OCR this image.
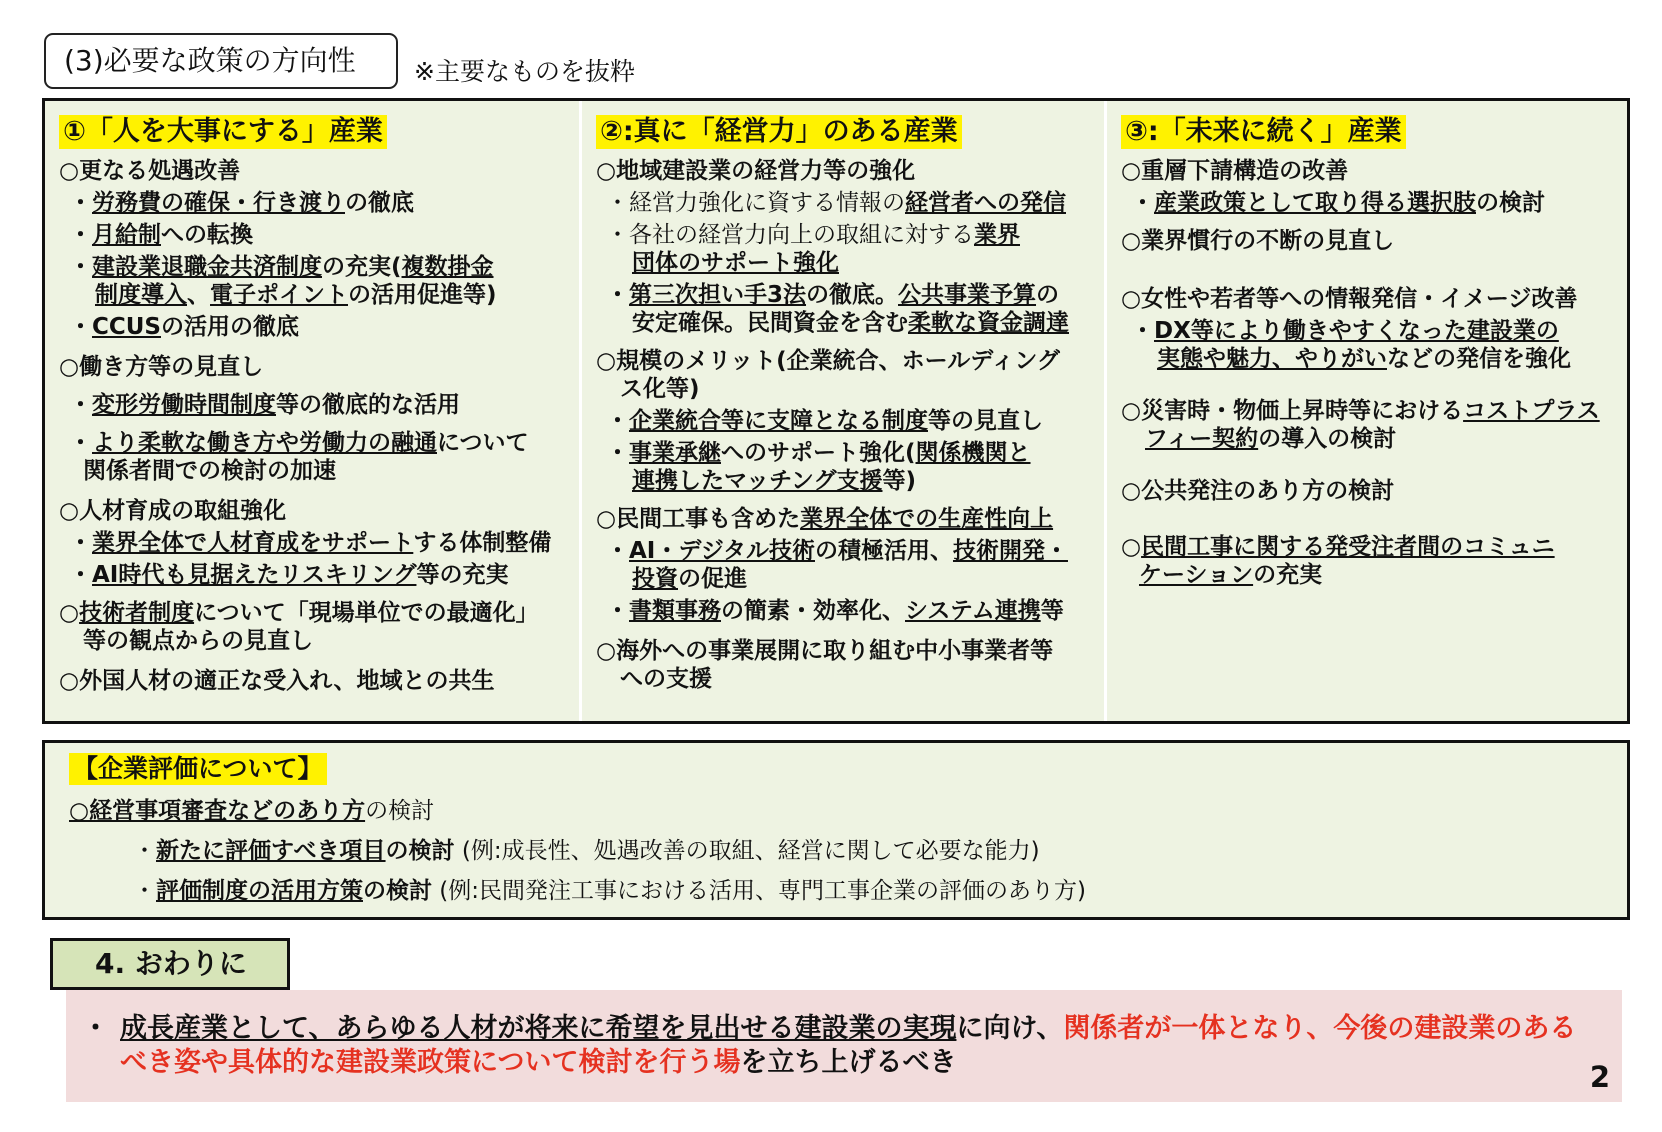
(3)必要な政策の方向性	※主要なものを抜粋
①「人を大事にする」産業
○更なる処遇改善
・労務費の確保・行き渡りの徹底
・月給制への転換
・建設業退職金共済制度の充実(複数掛金
制度導入、電子ポイントの活用促進等)
・CCUSの活用の徹底
○働き方等の見直し
・変形労働時間制度等の徹底的な活用
・より柔軟な働き方や労働力の融通について
関係者間での検討の加速
○人材育成の取組強化
・業界全体で人材育成をサポートする体制整備
・AI時代も見据えたリスキリング等の充実
○技術者制度について「現場単位での最適化」
等の観点からの見直し
○外国人材の適正な受入れ、地域との共生
②:真に「経営力」のある産業
○地域建設業の経営力等の強化
・経営力強化に資する情報の経営者への発信
・各社の経営力向上の取組に対する業界
団体のサポート強化
・第三次担い手3法の徹底。公共事業予算の
安定確保。民間資金を含む柔軟な資金調達
○規模のメリット(企業統合、ホールディング
ス化等)
・企業統合等に支障となる制度等の見直し
・事業承継へのサポート強化(関係機関と
連携したマッチング支援等)
○民間工事も含めた業界全体での生産性向上
・AI・デジタル技術の積極活用、技術開発・
投資の促進
・書類事務の簡素・効率化、システム連携等
○海外への事業展開に取り組む中小事業者等
への支援
③:「未来に続く」産業
○重層下請構造の改善
・産業政策として取り得る選択肢の検討
○業界慣行の不断の見直し
○女性や若者等への情報発信・イメージ改善
・DX等により働きやすくなった建設業の
実態や魅力、やりがいなどの発信を強化
○災害時・物価上昇時等におけるコストプラス
フィー契約の導入の検討
○公共発注のあり方の検討
○民間工事に関する発受注者間のコミュニ
ケーションの充実
【企業評価について】
○経営事項審査などのあり方の検討
・新たに評価すべき項目の検討 (例:成長性、処遇改善の取組、経営に関して必要な能力)
・評価制度の活用方策の検討 (例:民間発注工事における活用、専門工事企業の評価のあり方)
・ 成長産業として、あらゆる人材が将来に希望を見出せる建設業の実現に向け、関係者が一体となり、今後の建設業のある
べき姿や具体的な建設業政策について検討を行う場を立ち上げるべき	2
4. おわりに
